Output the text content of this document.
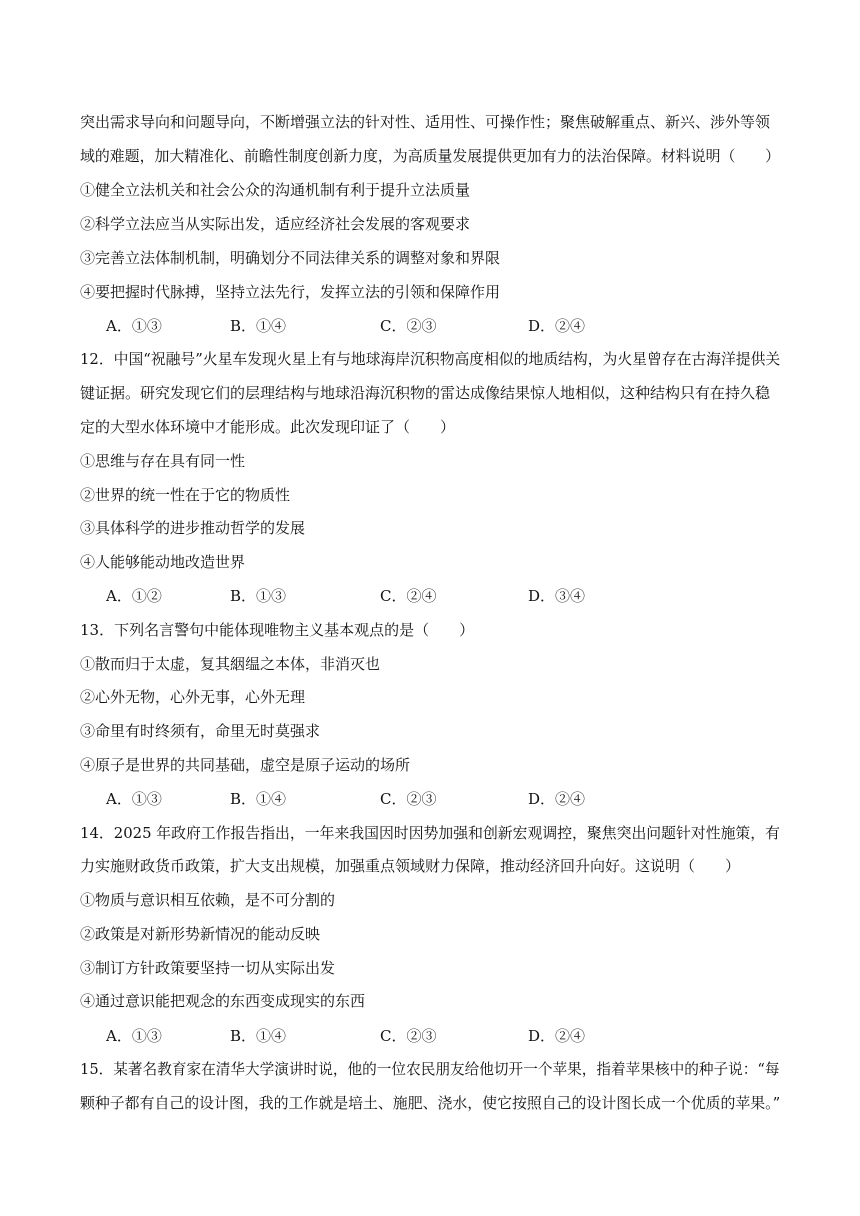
突出需求导向和问题导向，不断增强立法的针对性、适用性、可操作性；聚焦破解重点、新兴、涉外等领
域的难题，加大精准化、前瞻性制度创新力度，为高质量发展提供更加有力的法治保障。材料说明（　　）
①健全立法机关和社会公众的沟通机制有利于提升立法质量
②科学立法应当从实际出发，适应经济社会发展的客观要求
③完善立法体制机制，明确划分不同法律关系的调整对象和界限
④要把握时代脉搏，坚持立法先行，发挥立法的引领和保障作用
A．①③	B．①④	C．②③	D．②④
12．中国“祝融号”火星车发现火星上有与地球海岸沉积物高度相似的地质结构，为火星曾存在古海洋提供关
键证据。研究发现它们的层理结构与地球沿海沉积物的雷达成像结果惊人地相似，这种结构只有在持久稳
定的大型水体环境中才能形成。此次发现印证了（　　）
①思维与存在具有同一性
②世界的统一性在于它的物质性
③具体科学的进步推动哲学的发展
④人能够能动地改造世界
A．①②	B．①③	C．②④	D．③④
13．下列名言警句中能体现唯物主义基本观点的是（　　）
①散而归于太虚，复其絪缊之本体，非消灭也
②心外无物，心外无事，心外无理
③命里有时终须有，命里无时莫强求
④原子是世界的共同基础，虚空是原子运动的场所
A．①③	B．①④	C．②③	D．②④
14．2025 年政府工作报告指出，一年来我国因时因势加强和创新宏观调控，聚焦突出问题针对性施策，有
力实施财政货币政策，扩大支出规模，加强重点领域财力保障，推动经济回升向好。这说明（　　）
①物质与意识相互依赖，是不可分割的
②政策是对新形势新情况的能动反映
③制订方针政策要坚持一切从实际出发
④通过意识能把观念的东西变成现实的东西
A．①③	B．①④	C．②③	D．②④
15．某著名教育家在清华大学演讲时说，他的一位农民朋友给他切开一个苹果，指着苹果核中的种子说：“每
颗种子都有自己的设计图，我的工作就是培土、施肥、浇水，使它按照自己的设计图长成一个优质的苹果。”
